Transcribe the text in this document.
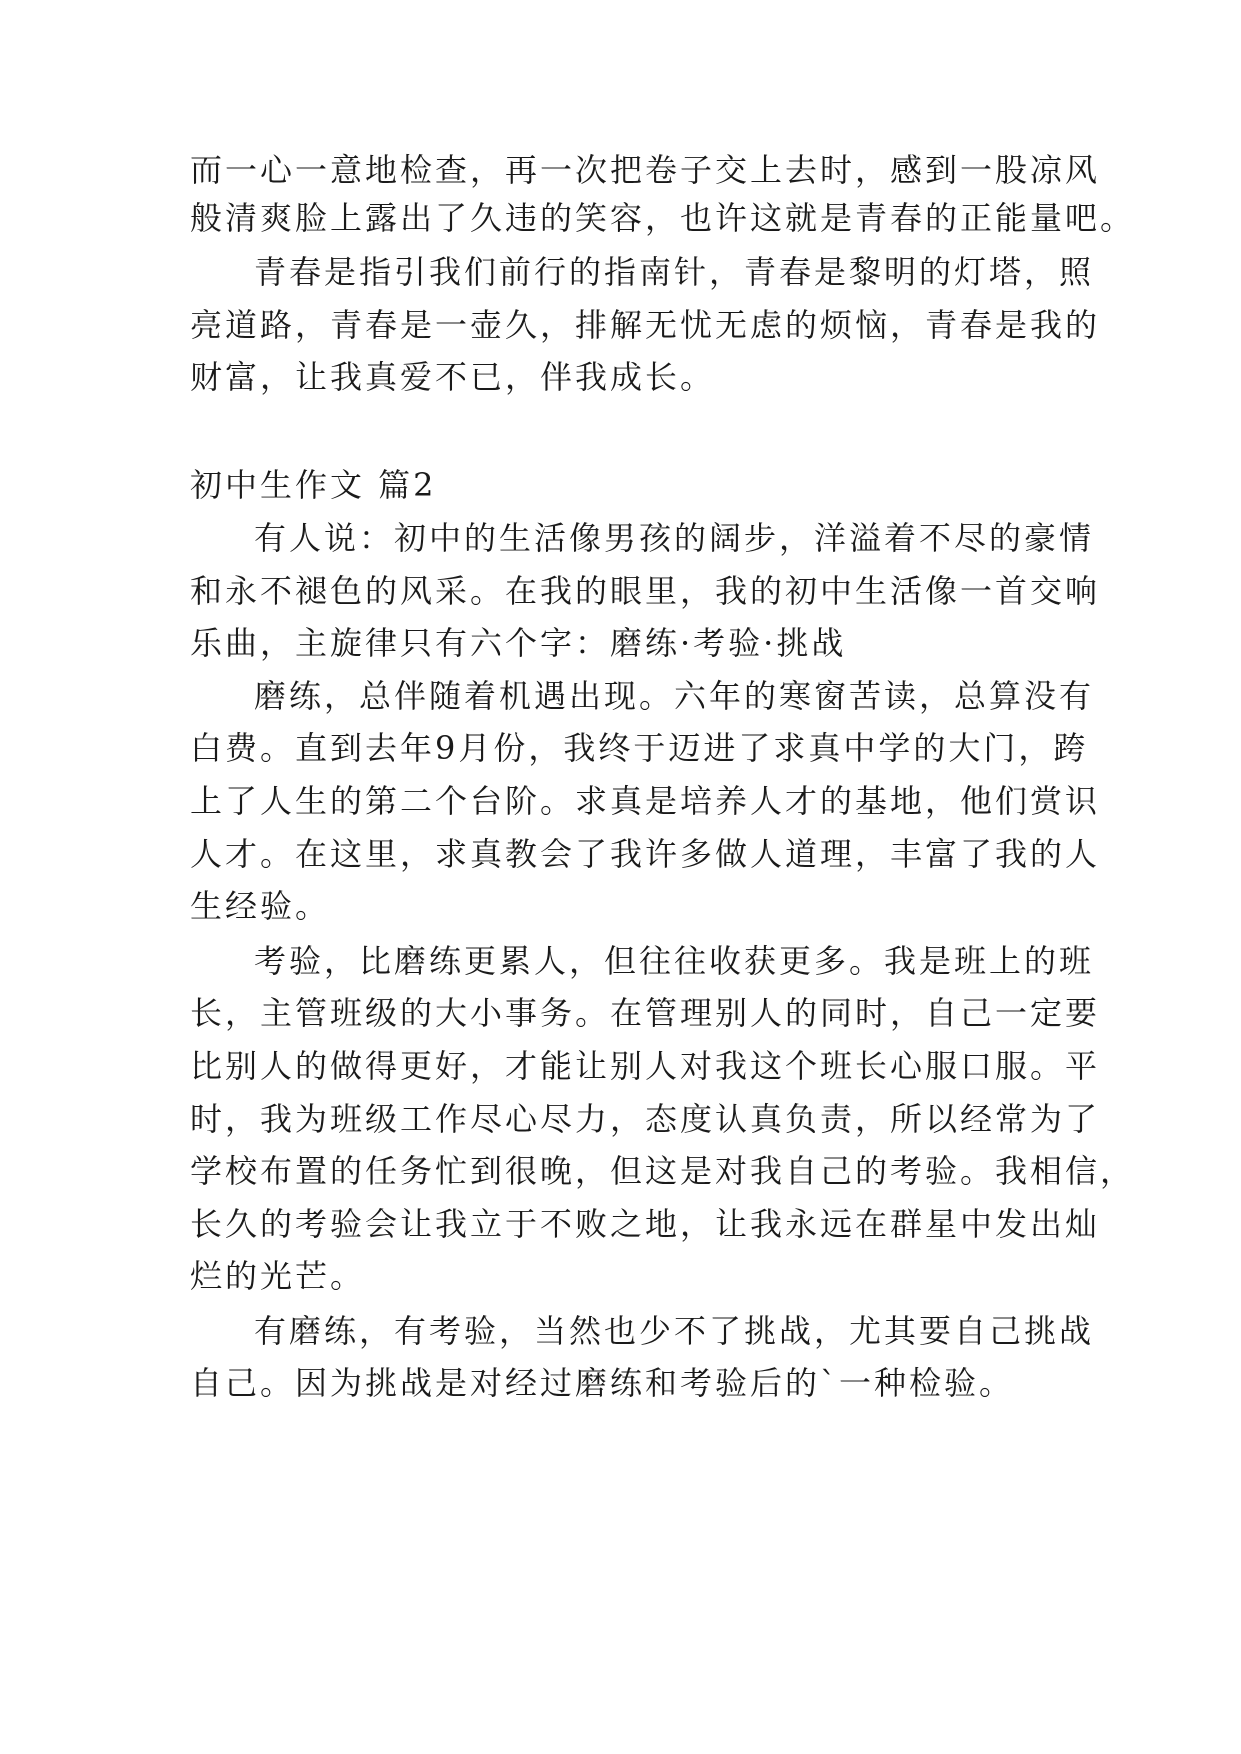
而一心一意地检查，再一次把卷子交上去时，感到一股凉风
般清爽脸上露出了久违的笑容，也许这就是青春的正能量吧。
青春是指引我们前行的指南针，青春是黎明的灯塔，照
亮道路，青春是一壶久，排解无忧无虑的烦恼，青春是我的
财富，让我真爱不已，伴我成长。
初中生作文 篇2
有人说：初中的生活像男孩的阔步，洋溢着不尽的豪情
和永不褪色的风采。在我的眼里，我的初中生活像一首交响
乐曲，主旋律只有六个字：磨练·考验·挑战
磨练，总伴随着机遇出现。六年的寒窗苦读，总算没有
白费。直到去年9月份，我终于迈进了求真中学的大门，跨
上了人生的第二个台阶。求真是培养人才的基地，他们赏识
人才。在这里，求真教会了我许多做人道理，丰富了我的人
生经验。
考验，比磨练更累人，但往往收获更多。我是班上的班
长，主管班级的大小事务。在管理别人的同时，自己一定要
比别人的做得更好，才能让别人对我这个班长心服口服。平
时，我为班级工作尽心尽力，态度认真负责，所以经常为了
学校布置的任务忙到很晚，但这是对我自己的考验。我相信，
长久的考验会让我立于不败之地，让我永远在群星中发出灿
烂的光芒。
有磨练，有考验，当然也少不了挑战，尤其要自己挑战
自己。因为挑战是对经过磨练和考验后的`一种检验。
